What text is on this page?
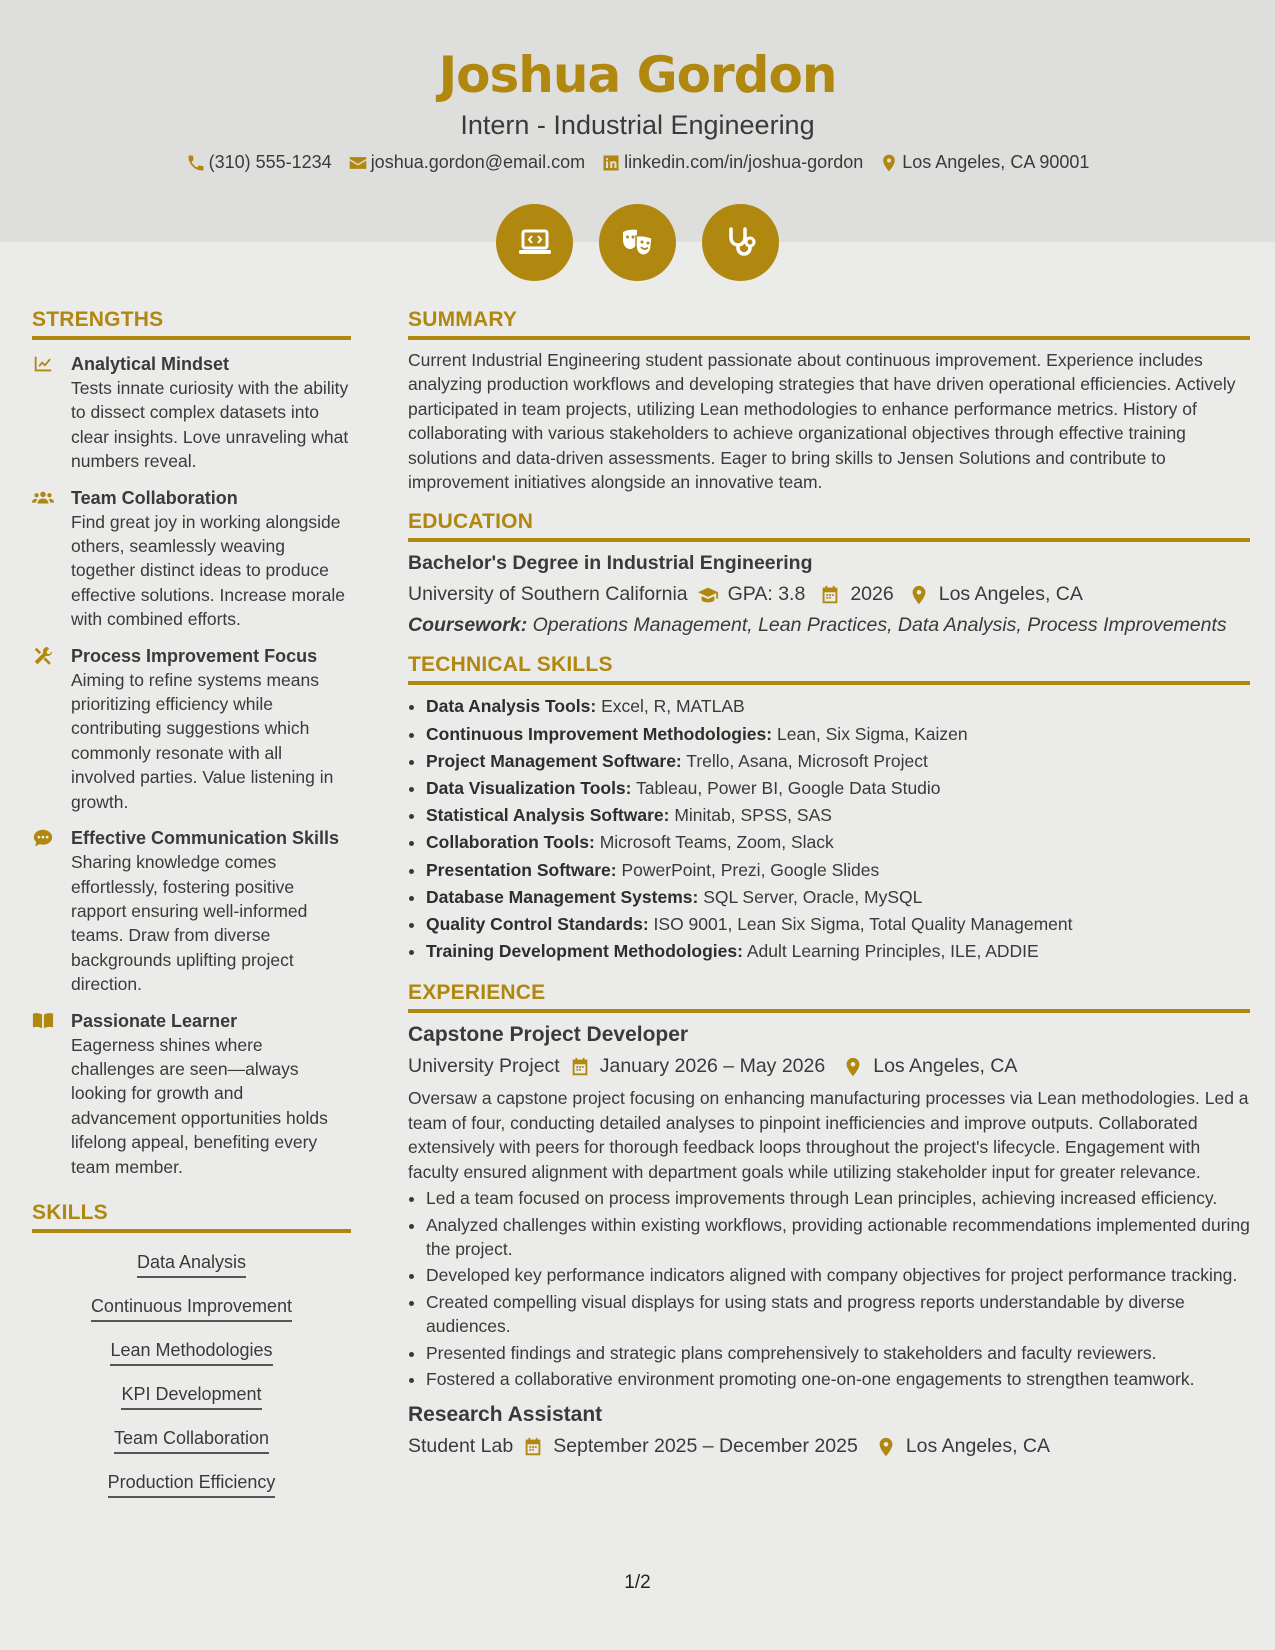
Joshua Gordon
Intern - Industrial Engineering
(310) 555-1234 joshua.gordon@email.com linkedin.com/in/joshua-gordon Los Angeles, CA 90001
STRENGTHS
Analytical Mindset
Tests innate curiosity with the ability to dissect complex datasets into clear insights. Love unraveling what numbers reveal.
Team Collaboration
Find great joy in working alongside others, seamlessly weaving together distinct ideas to produce effective solutions. Increase morale with combined efforts.
Process Improvement Focus
Aiming to refine systems means prioritizing efficiency while contributing suggestions which commonly resonate with all involved parties. Value listening in growth.
Effective Communication Skills
Sharing knowledge comes effortlessly, fostering positive rapport ensuring well-informed teams. Draw from diverse backgrounds uplifting project direction.
Passionate Learner
Eagerness shines where challenges are seen—always looking for growth and advancement opportunities holds lifelong appeal, benefiting every team member.
SKILLS
Data Analysis
Continuous Improvement
Lean Methodologies
KPI Development
Team Collaboration
Production Efficiency
SUMMARY
Current Industrial Engineering student passionate about continuous improvement. Experience includes analyzing production workflows and developing strategies that have driven operational efficiencies. Actively participated in team projects, utilizing Lean methodologies to enhance performance metrics. History of collaborating with various stakeholders to achieve organizational objectives through effective training solutions and data-driven assessments. Eager to bring skills to Jensen Solutions and contribute to improvement initiatives alongside an innovative team.
EDUCATION
Bachelor's Degree in Industrial Engineering
University of Southern California GPA: 3.8 2026 Los Angeles, CA
Coursework: Operations Management, Lean Practices, Data Analysis, Process Improvements
TECHNICAL SKILLS
• Data Analysis Tools: Excel, R, MATLAB
• Continuous Improvement Methodologies: Lean, Six Sigma, Kaizen
• Project Management Software: Trello, Asana, Microsoft Project
• Data Visualization Tools: Tableau, Power BI, Google Data Studio
• Statistical Analysis Software: Minitab, SPSS, SAS
• Collaboration Tools: Microsoft Teams, Zoom, Slack
• Presentation Software: PowerPoint, Prezi, Google Slides
• Database Management Systems: SQL Server, Oracle, MySQL
• Quality Control Standards: ISO 9001, Lean Six Sigma, Total Quality Management
• Training Development Methodologies: Adult Learning Principles, ILE, ADDIE
EXPERIENCE
Capstone Project Developer
University Project January 2026 – May 2026 Los Angeles, CA
Oversaw a capstone project focusing on enhancing manufacturing processes via Lean methodologies. Led a team of four, conducting detailed analyses to pinpoint inefficiencies and improve outputs. Collaborated extensively with peers for thorough feedback loops throughout the project's lifecycle. Engagement with faculty ensured alignment with department goals while utilizing stakeholder input for greater relevance.
• Led a team focused on process improvements through Lean principles, achieving increased efficiency.
• Analyzed challenges within existing workflows, providing actionable recommendations implemented during the project.
• Developed key performance indicators aligned with company objectives for project performance tracking.
• Created compelling visual displays for using stats and progress reports understandable by diverse audiences.
• Presented findings and strategic plans comprehensively to stakeholders and faculty reviewers.
• Fostered a collaborative environment promoting one-on-one engagements to strengthen teamwork.
Research Assistant
Student Lab September 2025 – December 2025 Los Angeles, CA
1/2
